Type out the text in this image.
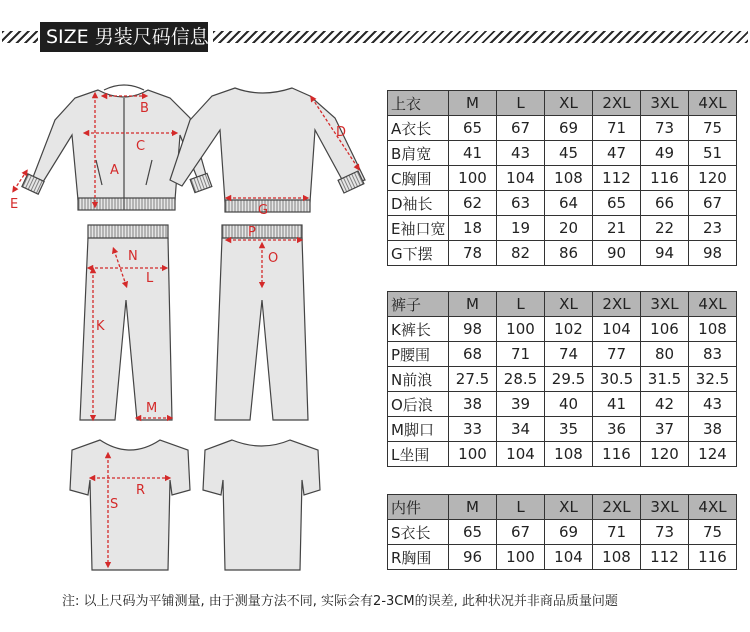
SIZE 男装尺码信息
A
B
C
D
E	G
N
L
P
O
K
M
S
R
上衣	M	L	XL	2XL	3XL	4XL
A衣长	65	67	69	71	73	75
B肩宽	41	43	45	47	49	51
C胸围	100	104	108	112	116	120
D袖长	62	63	64	65	66	67
E袖口宽	18	19	20	21	22	23
G下摆	78	82	86	90	94	98
裤子	M	L	XL	2XL	3XL	4XL
K裤长	98	100	102	104	106	108
P腰围	68	71	74	77	80	83
N前浪	27.5	28.5	29.5	30.5	31.5	32.5
O后浪	38	39	40	41	42	43
M脚口	33	34	35	36	37	38
L坐围	100	104	108	116	120	124
内件	M	L	XL	2XL	3XL	4XL
S衣长	65	67	69	71	73	75
R胸围	96	100	104	108	112	116
注: 以上尺码为平铺测量, 由于测量方法不同, 实际会有2-3CM的误差, 此种状况并非商品质量问题
